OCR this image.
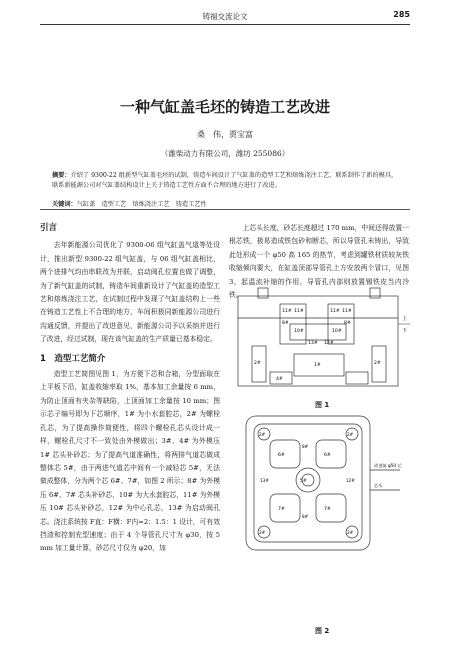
铸福交流论文	285
一种气缸盖毛坯的铸造工艺改进
桑　伟，贾宝富
（潍柴动力有限公司，潍坊 255086）
摘要：介绍了 9300-22 组新型气缸盖毛坯的试制，铸造车间设计了气缸盖的造型工艺和熔炼浇注工艺，联系制作了新的模具，联系新能源公司对气缸盖结构设计上关于铸造工艺性方面不合理的地方进行了改进。
关键词：气缸盖　造型工艺　熔炼浇注工艺　铸造工艺性
引言

去年新能源公司优化了 9300-06 组气缸盖气道等处设计，推出新型 9300-22 组气缸盖，与 06 组气缸盖相比，两个进排气均由串联改为并联，启动阀孔位置也做了调整，为了新气缸盖的试制，铸造车间重新设计了气缸盖的造型工艺和熔炼浇注工艺，在试制过程中发现了气缸盖结构上一些在铸造工艺性上不合理的地方，车间积极同新能源公司进行沟通反馈，并提出了改进意见，新能源公司予以采纳并进行了改进，经过试制，现在该气缸盖的生产质量已基本稳定。

1　造型工艺简介

造型工艺简图见图 1，为方便下芯和合箱，分型面取在上平板下沿，缸盖收缩率取 1%，基本加工余量按 6 mm，为防止顶面有夹杂等缺陷，上顶面加工余量按 10 mm；图示芯子编号即为下芯顺序，1# 为小水套腔芯，2# 为螺栓孔芯，为了提高操作简便性，将四个螺栓孔芯头设计成一样，螺栓孔尺寸不一致处由外模做出；3#、4# 为外模压 1# 芯头补砂芯；为了提高气道准确性，将两排气道芯做成整体芯 5#，由于两进气道芯中间有一个减轻芯 5#，无法做成整体，分为两个芯 6#、7#，如图 2 所示；8# 为外模压 6#、7# 芯头补砂芯，10# 为大水套腔芯，11# 为外模压 10# 芯头补砂芯，12# 为中心孔芯，13# 为启动阀孔芯。浇注系统按 F直：F横：F内=2：1.5：1 设计，可有效挡渣和控制充型速度；由于 4 个导管孔尺寸为 φ30，按 5 mm 加工量计算，砂芯尺寸仅为 φ20，加

上芯头长度，砂芯长度超过 170 mm，中间还得放置一根芯铁，极易造成铁包砂和断芯，所以导管孔未铸出，导致此处形成一个 φ50 高 165 的热节，考虑到罐铁材质较灰铁收缩倾向要大，在缸盖顶部导管孔上方安放两个冒口，见图 3，起温流补缩的作用，导管孔内部则放置锡铁皮当内冷铁。

上
下
11# 11#	11# 11#
10#	10#
8#	8#
13# 12#
2#	1#	2#
4#
图 1
6#	6#
7#	7#
5#
2#	2#
2#	2#
8#
8#
13#	12#
改进前 φ50 芯
芯头
图 2
